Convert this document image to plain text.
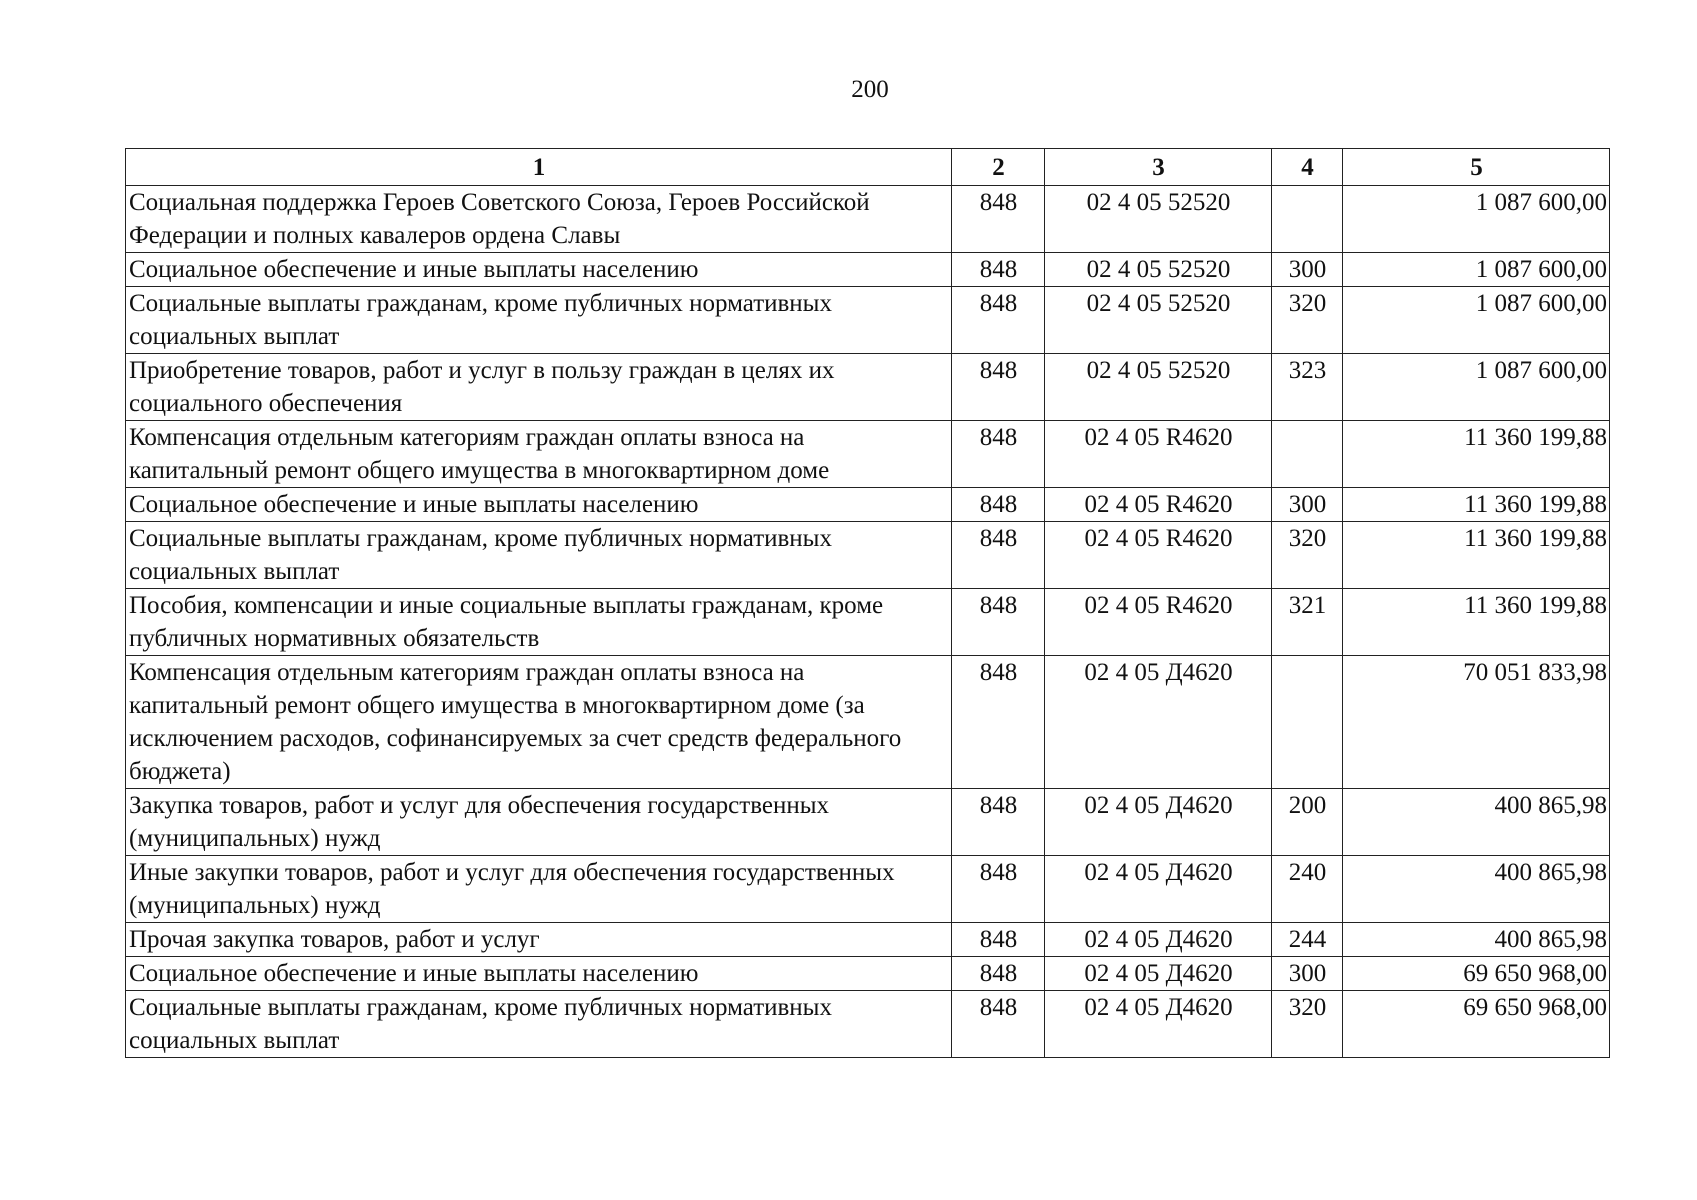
200
1	2	3	4	5
Социальная поддержка Героев Советского Союза, Героев Российской Федерации и полных кавалеров ордена Славы	848	02 4 05 52520		1 087 600,00
Социальное обеспечение и иные выплаты населению	848	02 4 05 52520	300	1 087 600,00
Социальные выплаты гражданам, кроме публичных нормативных социальных выплат	848	02 4 05 52520	320	1 087 600,00
Приобретение товаров, работ и услуг в пользу граждан в целях их социального обеспечения	848	02 4 05 52520	323	1 087 600,00
Компенсация отдельным категориям граждан оплаты взноса на капитальный ремонт общего имущества в многоквартирном доме	848	02 4 05 R4620		11 360 199,88
Социальное обеспечение и иные выплаты населению	848	02 4 05 R4620	300	11 360 199,88
Социальные выплаты гражданам, кроме публичных нормативных социальных выплат	848	02 4 05 R4620	320	11 360 199,88
Пособия, компенсации и иные социальные выплаты гражданам, кроме публичных нормативных обязательств	848	02 4 05 R4620	321	11 360 199,88
Компенсация отдельным категориям граждан оплаты взноса на капитальный ремонт общего имущества в многоквартирном доме (за исключением расходов, софинансируемых за счет средств федерального бюджета)	848	02 4 05 Д4620		70 051 833,98
Закупка товаров, работ и услуг для обеспечения государственных (муниципальных) нужд	848	02 4 05 Д4620	200	400 865,98
Иные закупки товаров, работ и услуг для обеспечения государственных (муниципальных) нужд	848	02 4 05 Д4620	240	400 865,98
Прочая закупка товаров, работ и услуг	848	02 4 05 Д4620	244	400 865,98
Социальное обеспечение и иные выплаты населению	848	02 4 05 Д4620	300	69 650 968,00
Социальные выплаты гражданам, кроме публичных нормативных социальных выплат	848	02 4 05 Д4620	320	69 650 968,00
